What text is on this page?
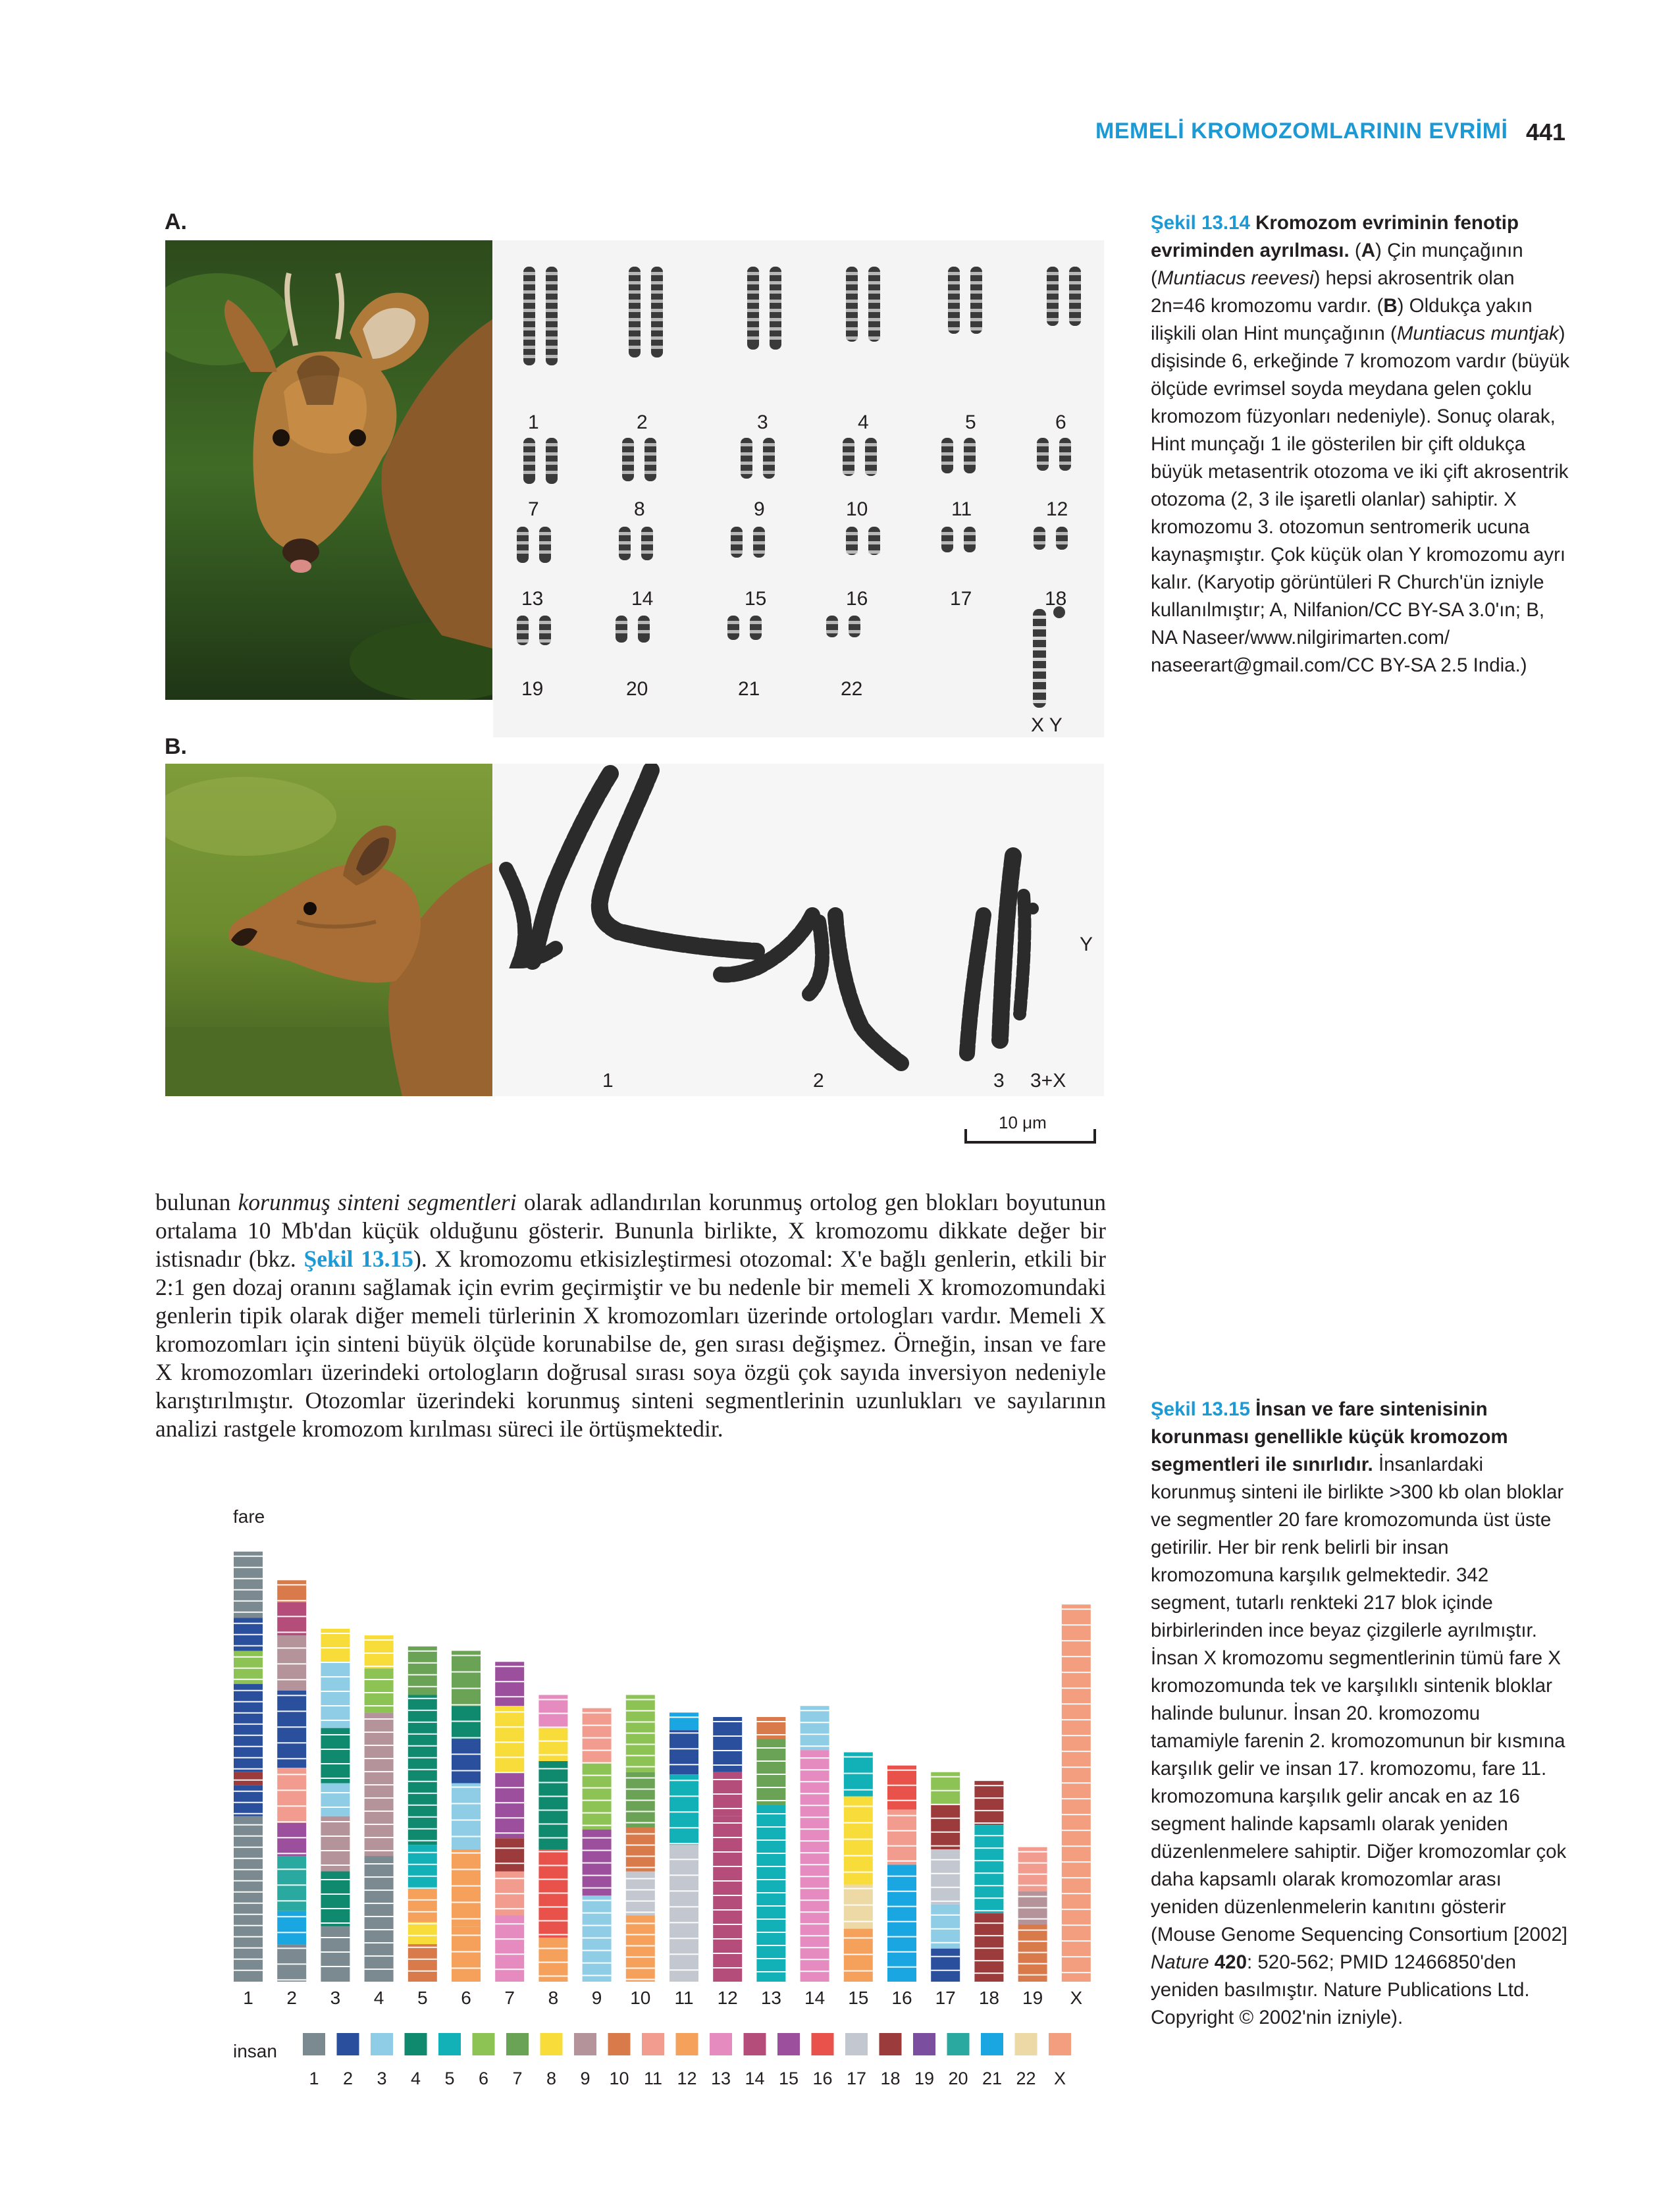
MEMELİ KROMOZOMLARININ EVRİMİ 441
A.
1	2	3	4	5	6
7	8	9	10	11	12
13	14	15	16	17	18
19	20	21	22
X Y
B.
1	2	3 3+X
Y
10 μm
Şekil 13.14 Kromozom evriminin fenotip evriminden ayrılması. (A) Çin munçağının (Muntiacus reevesi) hepsi akrosentrik olan 2n=46 kromozomu vardır. (B) Oldukça yakın ilişkili olan Hint munçağının (Muntiacus muntjak) dişisinde 6, erkeğinde 7 kromozom vardır (büyük ölçüde evrimsel soyda meydana gelen çoklu kromozom füzyonları nedeniyle). Sonuç olarak, Hint munçağı 1 ile gösterilen bir çift oldukça büyük metasentrik otozoma ve iki çift akrosentrik otozoma (2, 3 ile işaretli olanlar) sahiptir. X kromozomu 3. otozomun sentromerik ucuna kaynaşmıştır. Çok küçük olan Y kromozomu ayrı kalır. (Karyotip görüntüleri R Church'ün izniyle kullanılmıştır; A, Nilfanion/CC BY-SA 3.0'ın; B, NA Naseer/www.nilgirimarten.com/ naseerart@gmail.com/CC BY-SA 2.5 India.)
bulunan korunmuş sinteni segmentleri olarak adlandırılan korunmuş ortolog gen blokları boyutunun ortalama 10 Mb'dan küçük olduğunu gösterir. Bununla birlikte, X kromozomu dikkate değer bir istisnadır (bkz. Şekil 13.15). X kromozomu etkisizleştirmesi otozomal: X'e bağlı genlerin, etkili bir 2:1 gen dozaj oranını sağlamak için evrim geçirmiştir ve bu nedenle bir memeli X kromozomundaki genlerin tipik olarak diğer memeli türlerinin X kromozomları üzerinde ortologları vardır. Memeli X kromozomları için sinteni büyük ölçüde korunabilse de, gen sırası değişmez. Örneğin, insan ve fare X kromozomları üzerindeki ortologların doğrusal sırası soya özgü çok sayıda inversiyon nedeniyle karıştırılmıştır. Otozomlar üzerindeki korunmuş sinteni segmentlerinin uzunlukları ve sayılarının analizi rastgele kromozom kırılması süreci ile örtüşmektedir.
fare
insan
1 2 3 4 5 6 7 8 9 10 11 12 13 14 15 16 17 18 19 X
1 2 3 4 5 6 7 8 9 10 11 12 13 14 15 16 17 18 19 20 21 22 X
Şekil 13.15 İnsan ve fare sintenisinin korunması genellikle küçük kromozom segmentleri ile sınırlıdır. İnsanlardaki korunmuş sinteni ile birlikte >300 kb olan bloklar ve segmentler 20 fare kromozomunda üst üste getirilir. Her bir renk belirli bir insan kromozomuna karşılık gelmektedir. 342 segment, tutarlı renkteki 217 blok içinde birbirlerinden ince beyaz çizgilerle ayrılmıştır. İnsan X kromozomu segmentlerinin tümü fare X kromozomunda tek ve karşılıklı sintenik bloklar halinde bulunur. İnsan 20. kromozomu tamamiyle farenin 2. kromozomunun bir kısmına karşılık gelir ve insan 17. kromozomu, fare 11. kromozomuna karşılık gelir ancak en az 16 segment halinde kapsamlı olarak yeniden düzenlenmelere sahiptir. Diğer kromozomlar çok daha kapsamlı olarak kromozomlar arası yeniden düzenlenmelerin kanıtını gösterir (Mouse Genome Sequencing Consortium [2002] Nature 420: 520-562; PMID 12466850'den yeniden basılmıştır. Nature Publications Ltd. Copyright © 2002'nin izniyle).
